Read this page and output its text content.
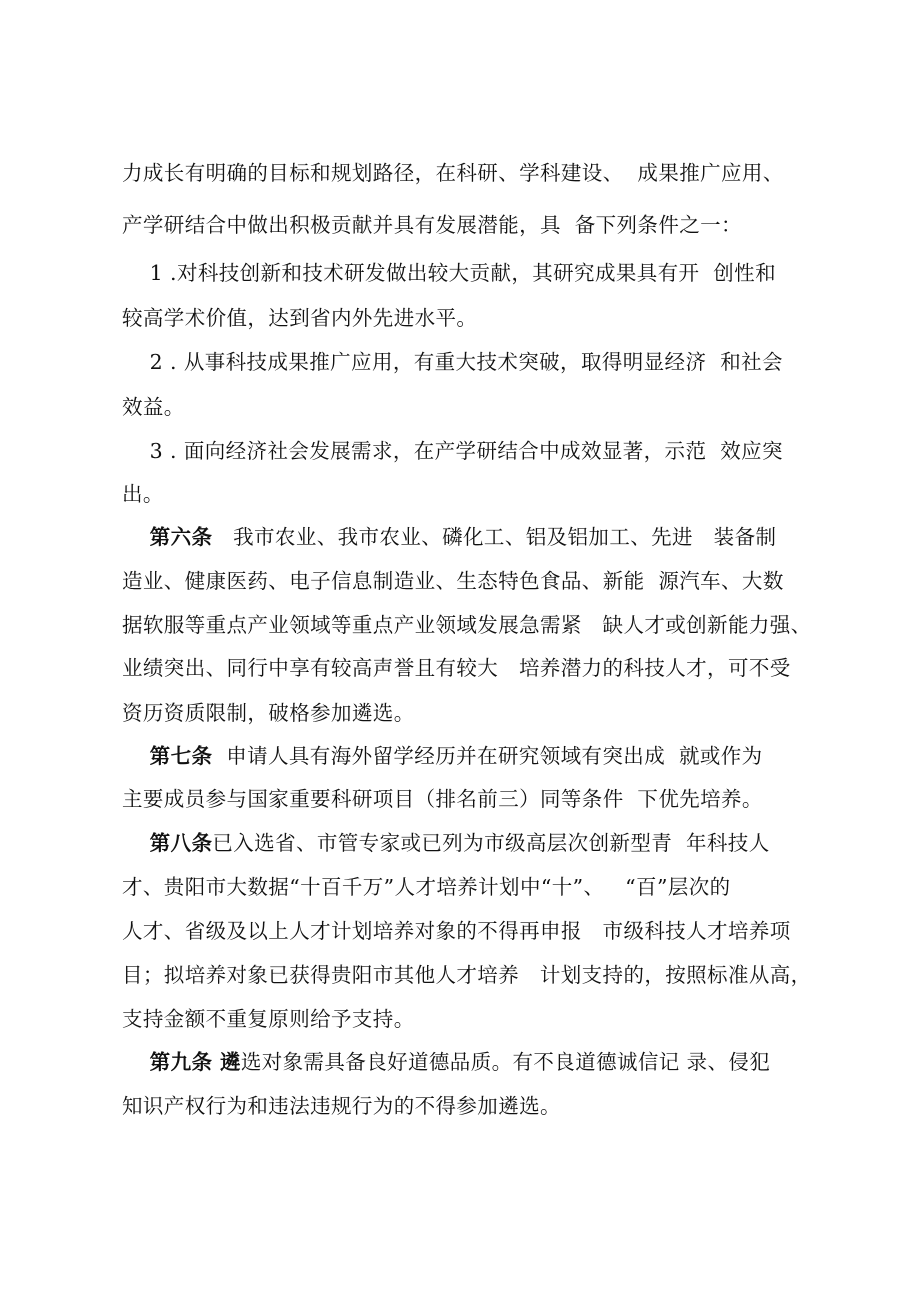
力成长有明确的目标和规划路径，在科研、学科建设、  成果推广应用、
产学研结合中做出积极贡献并具有发展潜能，具  备下列条件之一：
1 .对科技创新和技术研发做出较大贡献，其研究成果具有开  创性和
较高学术价值，达到省内外先进水平。
2 . 从事科技成果推广应用，有重大技术突破，取得明显经济  和社会
效益。
3 . 面向经济社会发展需求，在产学研结合中成效显著，示范  效应突
出。
第六条   我市农业、我市农业、磷化工、铝及铝加工、先进   装备制
造业、健康医药、电子信息制造业、生态特色食品、新能  源汽车、大数
据软服等重点产业领域等重点产业领域发展急需紧   缺人才或创新能力强、
业绩突出、同行中享有较高声誉且有较大   培养潜力的科技人才，可不受
资历资质限制，破格参加遴选。
第七条  申请人具有海外留学经历并在研究领域有突出成  就或作为
主要成员参与国家重要科研项目（排名前三）同等条件  下优先培养。
第八条已入选省、市管专家或已列为市级高层次创新型青  年科技人
才、贵阳市大数据“十百千万”人才培养计划中“十”、   “百”层次的
人才、省级及以上人才计划培养对象的不得再申报   市级科技人才培养项
目；拟培养对象已获得贵阳市其他人才培养   计划支持的，按照标准从高，
支持金额不重复原则给予支持。
第九条 遴选对象需具备良好道德品质。有不良道德诚信记 录、侵犯
知识产权行为和违法违规行为的不得参加遴选。
